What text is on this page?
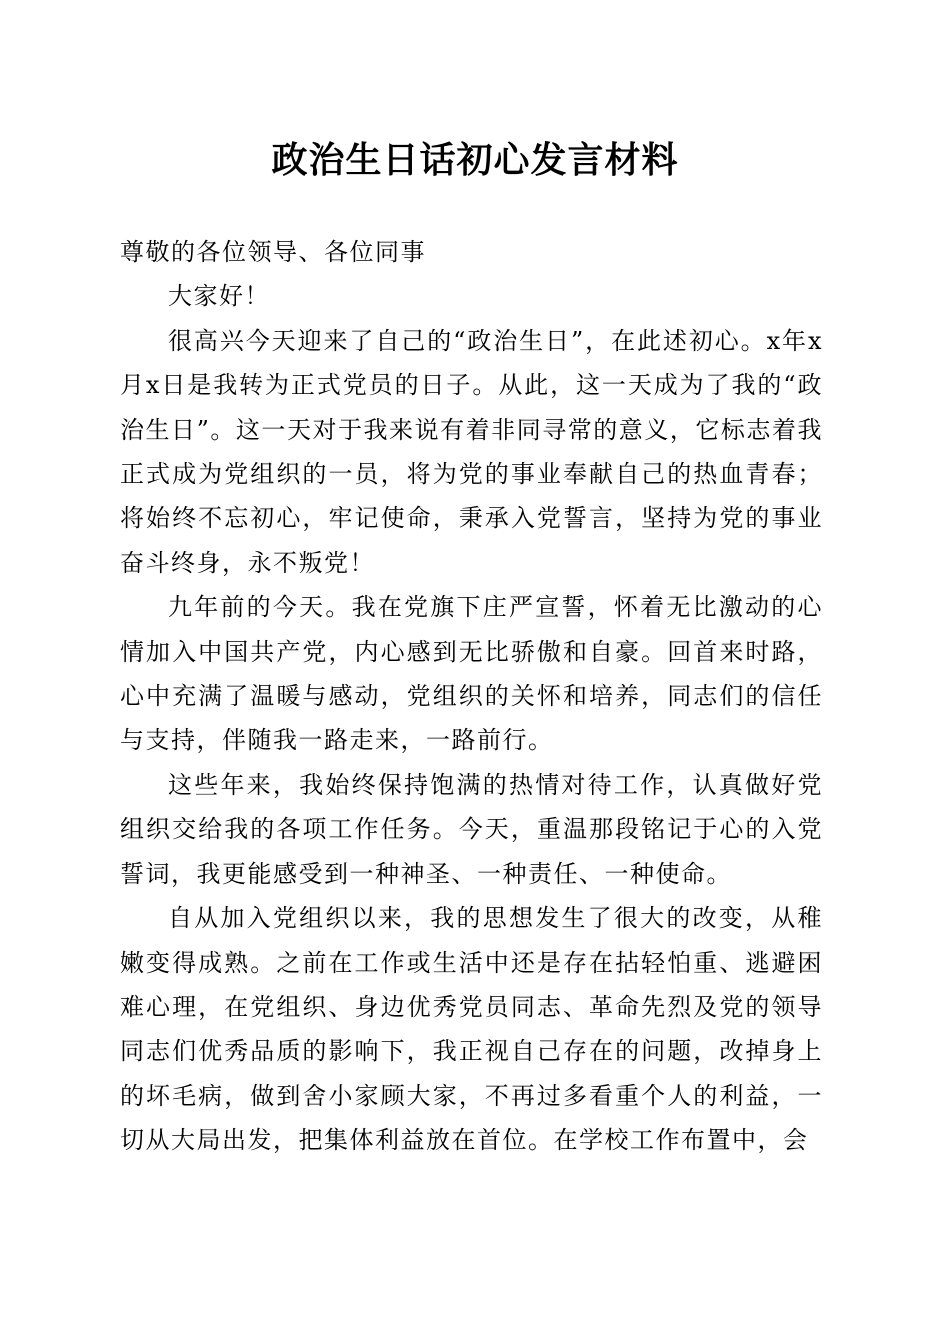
政治生日话初心发言材料

尊敬的各位领导、各位同事

大家好！

很高兴今天迎来了自己的“政治生日”，在此述初心。x年x月x日是我转为正式党员的日子。从此，这一天成为了我的“政治生日”。这一天对于我来说有着非同寻常的意义，它标志着我正式成为党组织的一员，将为党的事业奉献自己的热血青春；将始终不忘初心，牢记使命，秉承入党誓言，坚持为党的事业奋斗终身，永不叛党！

九年前的今天。我在党旗下庄严宣誓，怀着无比激动的心情加入中国共产党，内心感到无比骄傲和自豪。回首来时路，心中充满了温暖与感动，党组织的关怀和培养，同志们的信任与支持，伴随我一路走来，一路前行。

这些年来，我始终保持饱满的热情对待工作，认真做好党组织交给我的各项工作任务。今天，重温那段铭记于心的入党誓词，我更能感受到一种神圣、一种责任、一种使命。

自从加入党组织以来，我的思想发生了很大的改变，从稚嫩变得成熟。之前在工作或生活中还是存在拈轻怕重、逃避困难心理，在党组织、身边优秀党员同志、革命先烈及党的领导同志们优秀品质的影响下，我正视自己存在的问题，改掉身上的坏毛病，做到舍小家顾大家，不再过多看重个人的利益，一切从大局出发，把集体利益放在首位。在学校工作布置中，会
